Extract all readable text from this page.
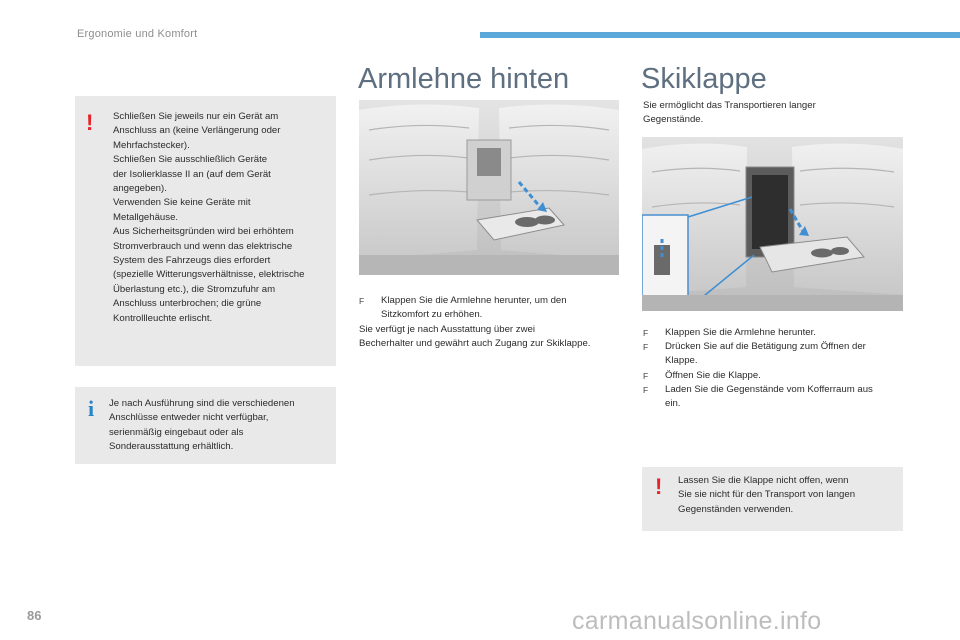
Ergonomie und Komfort
! Schließen Sie jeweils nur ein Gerät am
Anschluss an (keine Verlängerung oder
Mehrfachstecker).
Schließen Sie ausschließlich Geräte
der Isolierklasse II an (auf dem Gerät
angegeben).
Verwenden Sie keine Geräte mit
Metallgehäuse.
Aus Sicherheitsgründen wird bei erhöhtem
Stromverbrauch und wenn das elektrische
System des Fahrzeugs dies erfordert
(spezielle Witterungsverhältnisse, elektrische
Überlastung etc.), die Stromzufuhr am
Anschluss unterbrochen; die grüne
Kontrollleuchte erlischt.
i Je nach Ausführung sind die verschiedenen
Anschlüsse entweder nicht verfügbar,
serienmäßig eingebaut oder als
Sonderausstattung erhältlich.
Armlehne hinten
F Klappen Sie die Armlehne herunter, um den
Sitzkomfort zu erhöhen.
Sie verfügt je nach Ausstattung über zwei
Becherhalter und gewährt auch Zugang zur Skiklappe.
Skiklappe
Sie ermöglicht das Transportieren langer
Gegenstände.
F Klappen Sie die Armlehne herunter.
F Drücken Sie auf die Betätigung zum Öffnen der
Klappe.
F Öffnen Sie die Klappe.
F Laden Sie die Gegenstände vom Kofferraum aus
ein.
! Lassen Sie die Klappe nicht offen, wenn
Sie sie nicht für den Transport von langen
Gegenständen verwenden.
86	carmanualsonline.info
